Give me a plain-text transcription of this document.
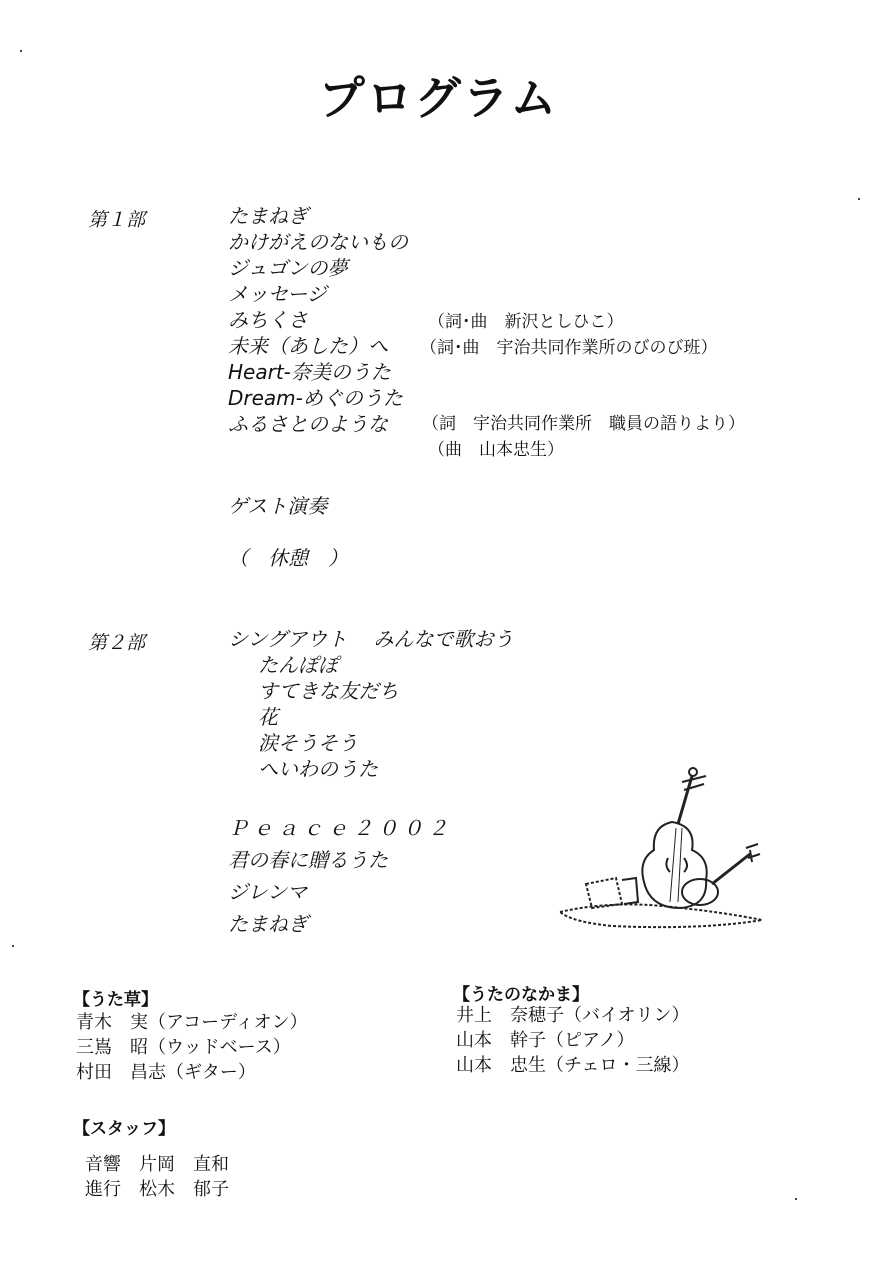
プログラム
第１部	たまねぎ
かけがえのないもの
ジュゴンの夢
メッセージ
みちくさ
未来（あした）へ
Heart-奈美のうた
Dream-めぐのうた
ふるさとのような
（詞･曲　新沢としひこ）
（詞･曲　宇治共同作業所のびのび班）
（詞　宇治共同作業所　職員の語りより）
（曲　山本忠生）
ゲスト演奏
（　休憩　）
第２部	シングアウト　 みんなで歌おう
たんぽぽ
すてきな友だち
花
涙そうそう
へいわのうた
Ｐｅａｃｅ２００２
君の春に贈るうた
ジレンマ
たまねぎ
【うた草】
青木　実（アコーディオン）
三嶌　昭（ウッドベース）
村田　昌志（ギター）
【うたのなかま】
井上　奈穂子（バイオリン）
山本　幹子（ピアノ）
山本　忠生（チェロ・三線）
【スタッフ】
音響　片岡　直和
進行　松木　郁子
